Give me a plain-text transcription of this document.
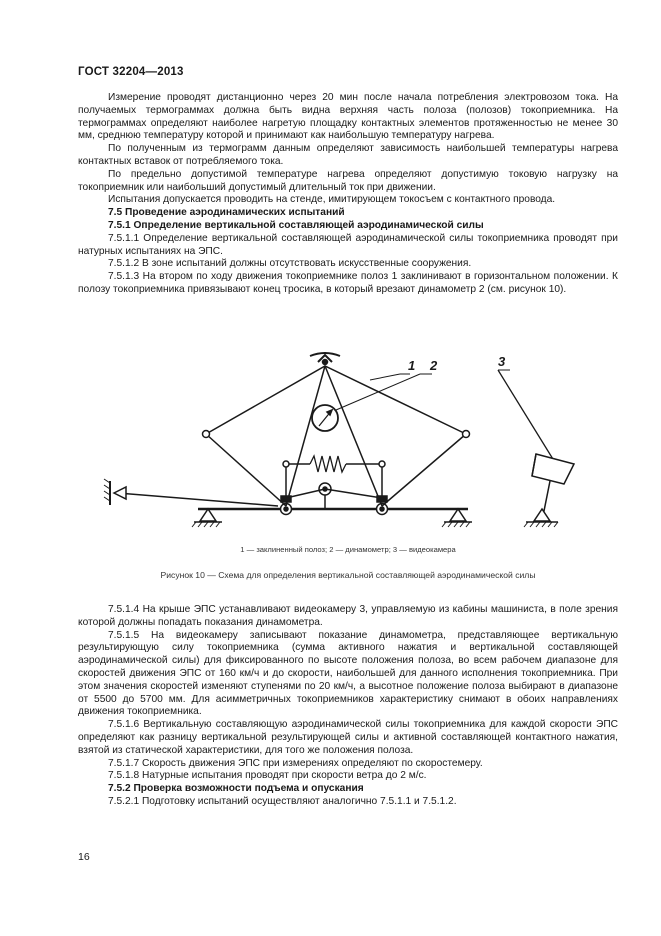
ГОСТ 32204—2013

Измерение проводят дистанционно через 20 мин после начала потребления электровозом тока. На получаемых термограммах должна быть видна верхняя часть полоза (полозов) токоприемника. На термограммах определяют наиболее нагретую площадку контактных элементов протяженностью не менее 30 мм, среднюю температуру которой и принимают как наибольшую температуру нагрева.

По полученным из термограмм данным определяют зависимость наибольшей температуры нагрева контактных вставок от потребляемого тока.

По предельно допустимой температуре нагрева определяют допустимую токовую нагрузку на токоприемник или наибольший допустимый длительный ток при движении.

Испытания допускается проводить на стенде, имитирующем токосъем с контактного провода.

7.5 Проведение аэродинамических испытаний

7.5.1 Определение вертикальной составляющей аэродинамической силы

7.5.1.1 Определение вертикальной составляющей аэродинамической силы токоприемника проводят при натурных испытаниях на ЭПС.

7.5.1.2 В зоне испытаний должны отсутствовать искусственные сооружения.

7.5.1.3 На втором по ходу движения токоприемнике полоз 1 заклинивают в горизонтальном положении. К полозу токоприемника привязывают конец тросика, в который врезают динамометр 2 (см. рисунок 10).

1 2	3
1 — заклиненный полоз; 2 — динамометр; 3 — видеокамера
Рисунок 10 — Схема для определения вертикальной составляющей аэродинамической силы

7.5.1.4 На крыше ЭПС устанавливают видеокамеру 3, управляемую из кабины машиниста, в поле зрения которой должны попадать показания динамометра.

7.5.1.5 На видеокамеру записывают показание динамометра, представляющее вертикальную результирующую силу токоприемника (сумма активного нажатия и вертикальной составляющей аэродинамической силы) для фиксированного по высоте положения полоза, во всем рабочем диапазоне для скоростей движения ЭПС от 160 км/ч и до скорости, наибольшей для данного исполнения токоприемника. При этом значения скоростей изменяют ступенями по 20 км/ч, а высотное положение полоза выбирают в диапазоне от 5500 до 5700 мм. Для асимметричных токоприемников характеристику снимают в обоих направлениях движения токоприемника.

7.5.1.6 Вертикальную составляющую аэродинамической силы токоприемника для каждой скорости ЭПС определяют как разницу вертикальной результирующей силы и активной составляющей контактного нажатия, взятой из статической характеристики, для того же положения полоза.

7.5.1.7 Скорость движения ЭПС при измерениях определяют по скоростемеру.

7.5.1.8 Натурные испытания проводят при скорости ветра до 2 м/с.

7.5.2 Проверка возможности подъема и опускания

7.5.2.1 Подготовку испытаний осуществляют аналогично 7.5.1.1 и 7.5.1.2.

16
